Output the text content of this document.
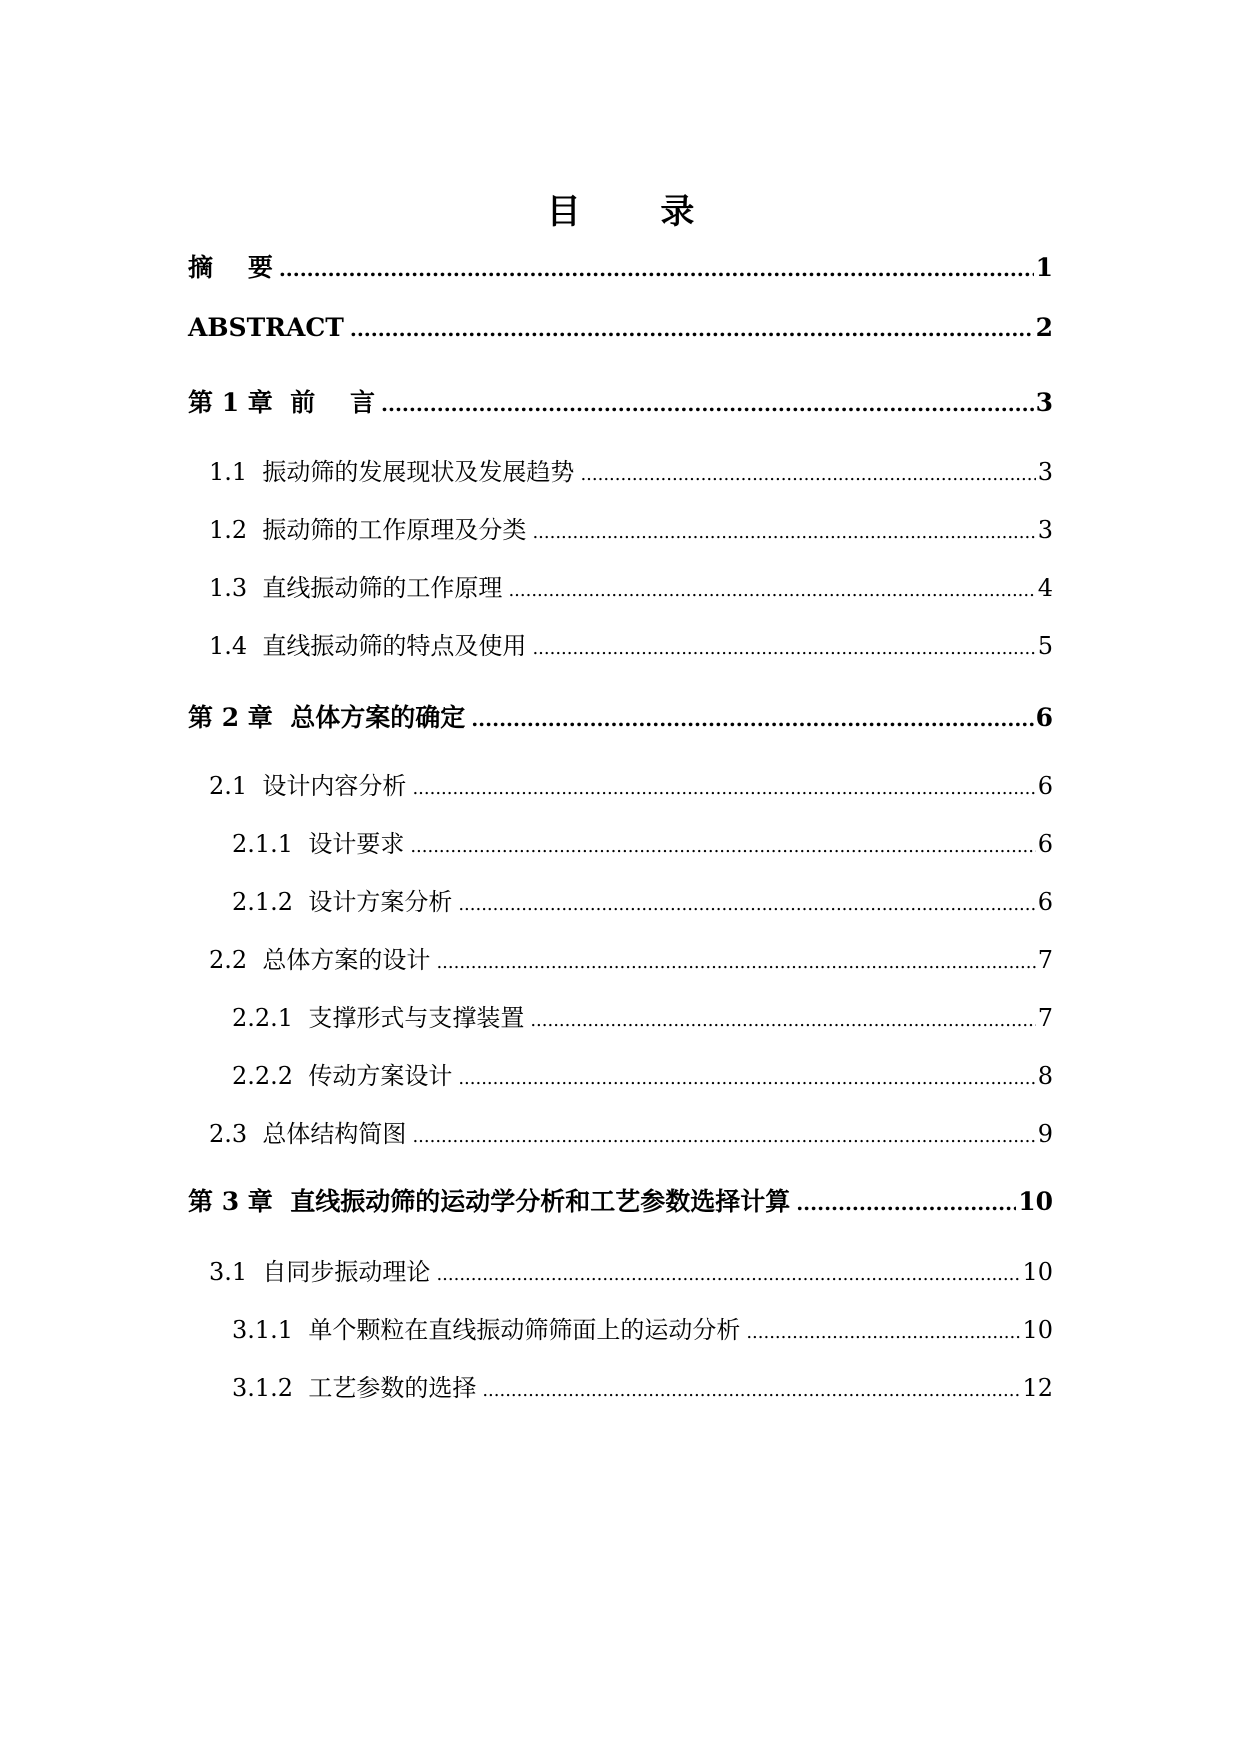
目 录
摘    要 .....	1
ABSTRACT .....	2
第 1 章  前    言 .....	3
1.1  振动筛的发展现状及发展趋势 .....	3
1.2  振动筛的工作原理及分类 .....	3
1.3  直线振动筛的工作原理 .....	4
1.4  直线振动筛的特点及使用 .....	5
第 2 章  总体方案的确定 .....	6
2.1  设计内容分析 .....	6
2.1.1  设计要求 .....	6
2.1.2  设计方案分析 .....	6
2.2  总体方案的设计 .....	7
2.2.1  支撑形式与支撑装置 .....	7
2.2.2  传动方案设计 .....	8
2.3  总体结构简图 .....	9
第 3 章  直线振动筛的运动学分析和工艺参数选择计算 .....	10
3.1  自同步振动理论 .....	10
3.1.1  单个颗粒在直线振动筛筛面上的运动分析 .....	10
3.1.2  工艺参数的选择 .....	12
